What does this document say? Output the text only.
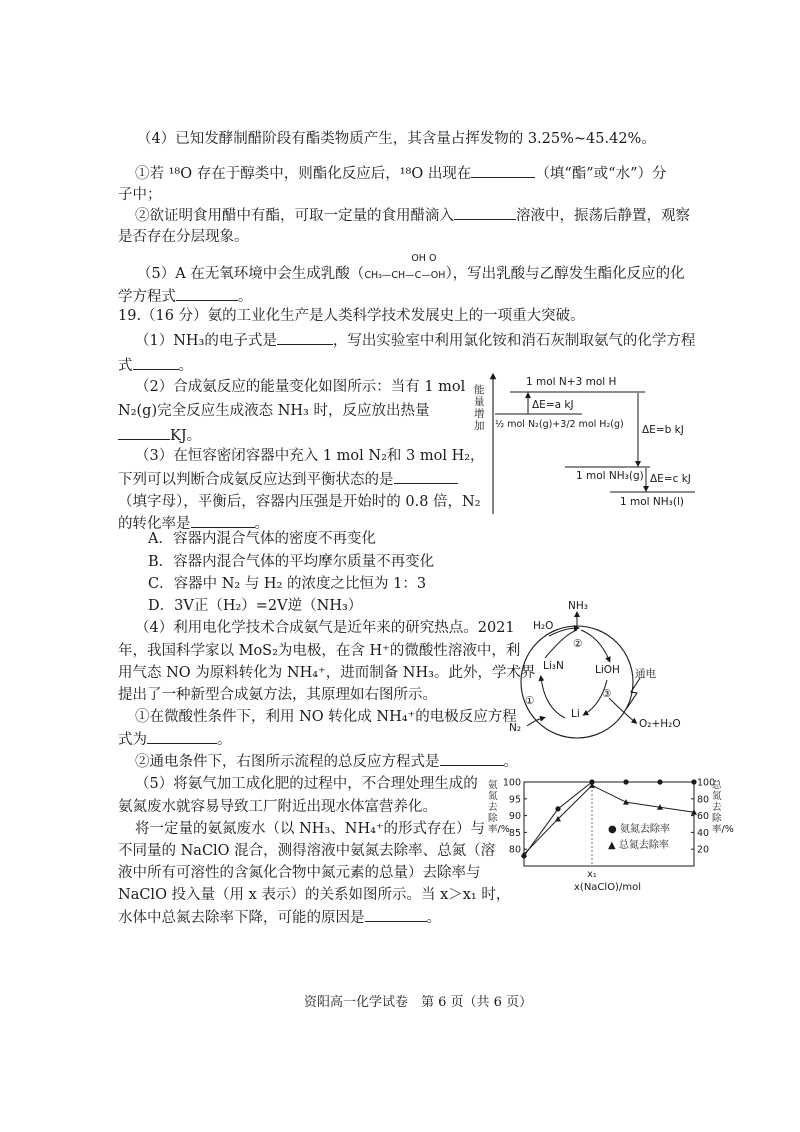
（4）已知发酵制醋阶段有酯类物质产生，其含量占挥发物的 3.25%~45.42%。
①若 ¹⁸O 存在于醇类中，则酯化反应后，¹⁸O 出现在	（填“酯”或“水”）分
子中；
②欲证明食用醋中有酯，可取一定量的食用醋滴入	溶液中，振荡后静置，观察
是否存在分层现象。
（5）A 在无氧环境中会生成乳酸（
OH O
CH₃—CH—C—OH），写出乳酸与乙醇发生酯化反应的化
学方程式	。
19.（16 分）氨的工业化生产是人类科学技术发展史上的一项重大突破。
（1）NH₃的电子式是	，写出实验室中利用氯化铵和消石灰制取氨气的化学方程
式	。
（2）合成氨反应的能量变化如图所示：当有 1 mol
N₂(g)完全反应生成液态 NH₃ 时，反应放出热量
KJ。
（3）在恒容密闭容器中充入 1 mol N₂和 3 mol H₂，
下列可以判断合成氨反应达到平衡状态的是
（填字母），平衡后，容器内压强是开始时的 0.8 倍，N₂
的转化率是	。
A．容器内混合气体的密度不再变化
B．容器内混合气体的平均摩尔质量不再变化
C．容器中 N₂ 与 H₂ 的浓度之比恒为 1：3
D．3V正（H₂）=2V逆（NH₃）
（4）利用电化学技术合成氨气是近年来的研究热点。2021
年，我国科学家以 MoS₂为电极，在含 H⁺的微酸性溶液中，利
用气态 NO 为原料转化为 NH₄⁺，进而制备 NH₃。此外，学术界
提出了一种新型合成氨方法，其原理如右图所示。
①在微酸性条件下，利用 NO 转化成 NH₄⁺的电极反应方程
式为	。
②通电条件下，右图所示流程的总反应方程式是	。
（5）将氨气加工成化肥的过程中，不合理处理生成的
氨氮废水就容易导致工厂附近出现水体富营养化。
将一定量的氨氮废水（以 NH₃、NH₄⁺的形式存在）与
不同量的 NaClO 混合，测得溶液中氨氮去除率、总氮（溶
液中所有可溶性的含氮化合物中氮元素的总量）去除率与
NaClO 投入量（用 x 表示）的关系如图所示。当 x＞x₁ 时，
水体中总氮去除率下降，可能的原因是	。
能量增加
1 mol N+3 mol H
ΔE=a kJ
½ mol N₂(g)+3/2 mol H₂(g) ΔE=b kJ
1 mol NH₃(g) ΔE=c kJ
1 mol NH₃(l)
NH₃
H₂O
②
Li₃N	LiOH
③
①
Li
N₂
通电
O₂+H₂O
80
85
90
95
100
20
40
60
80
100
x₁
氨氮去除率/%
总氮去除率/%
x(NaClO)/mol
● 氨氮去除率
▲ 总氮去除率
资阳高一化学试卷　第 6 页（共 6 页）
